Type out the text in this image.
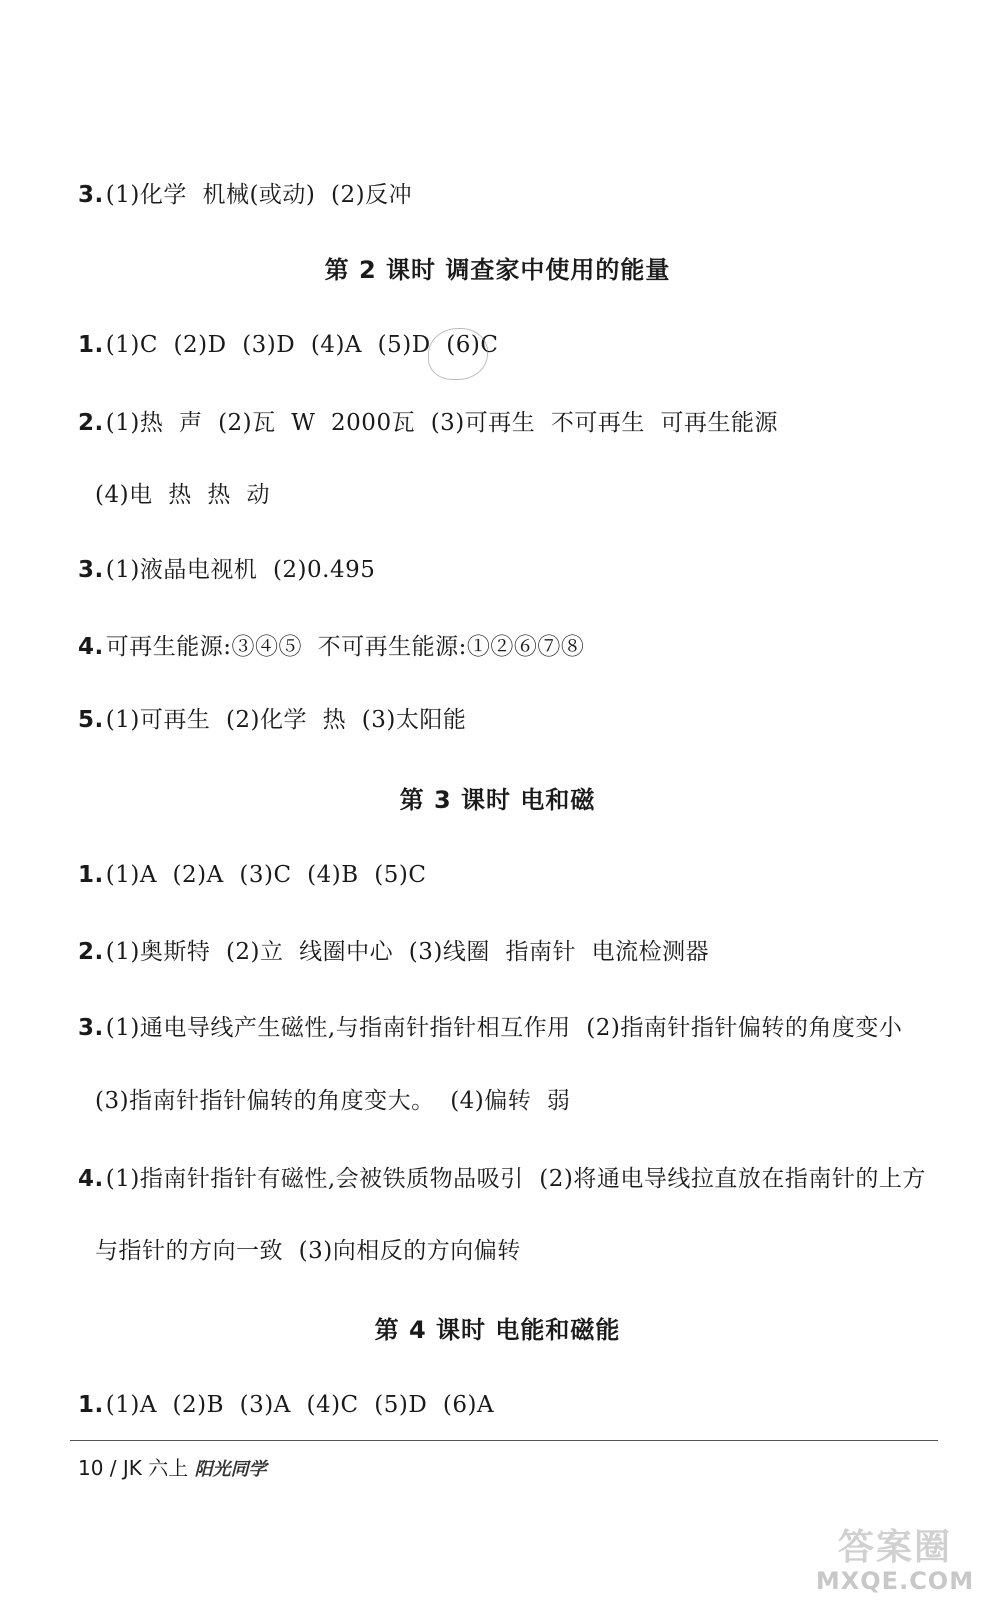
3.(1)化学  机械(或动)  (2)反冲
第 2 课时 调查家中使用的能量
1.(1)C  (2)D  (3)D  (4)A  (5)D  (6)C
2.(1)热  声  (2)瓦  W  2000瓦  (3)可再生  不可再生  可再生能源
(4)电  热  热  动
3.(1)液晶电视机  (2)0.495
4.可再生能源:③④⑤  不可再生能源:①②⑥⑦⑧
5.(1)可再生  (2)化学  热  (3)太阳能
第 3 课时 电和磁
1.(1)A  (2)A  (3)C  (4)B  (5)C
2.(1)奥斯特  (2)立  线圈中心  (3)线圈  指南针  电流检测器
3.(1)通电导线产生磁性,与指南针指针相互作用  (2)指南针指针偏转的角度变小
(3)指南针指针偏转的角度变大。  (4)偏转  弱
4.(1)指南针指针有磁性,会被铁质物品吸引  (2)将通电导线拉直放在指南针的上方
与指针的方向一致  (3)向相反的方向偏转
第 4 课时 电能和磁能
1.(1)A  (2)B  (3)A  (4)C  (5)D  (6)A
10 / JK 六上 阳光同学
答案圈
MXQE.COM
